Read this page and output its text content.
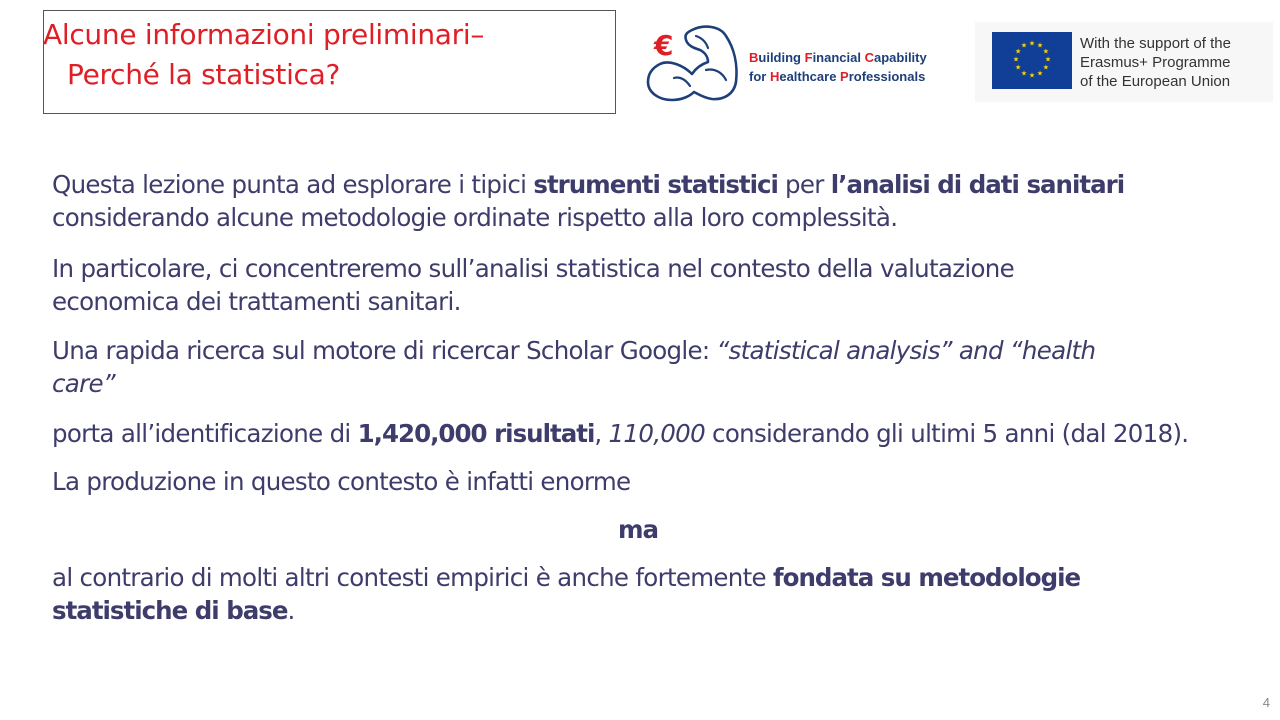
Alcune informazioni preliminari–
Perché la statistica?
€	Building Financial Capability
for Healthcare Professionals
★ ★
★
★
★
★
★
★
★
★
★
★	With the support of the
Erasmus+ Programme
of the European Union
Questa lezione punta ad esplorare i tipici strumenti statistici per l’analisi di dati sanitari
considerando alcune metodologie ordinate rispetto alla loro complessità.
In particolare, ci concentreremo sull’analisi statistica nel contesto della valutazione
economica dei trattamenti sanitari.
Una rapida ricerca sul motore di ricercar Scholar Google: “statistical analysis” and “health
care”
porta all’identificazione di 1,420,000 risultati, 110,000 considerando gli ultimi 5 anni (dal 2018).
La produzione in questo contesto è infatti enorme
ma
al contrario di molti altri contesti empirici è anche fortemente fondata su metodologie
statistiche di base.
4
